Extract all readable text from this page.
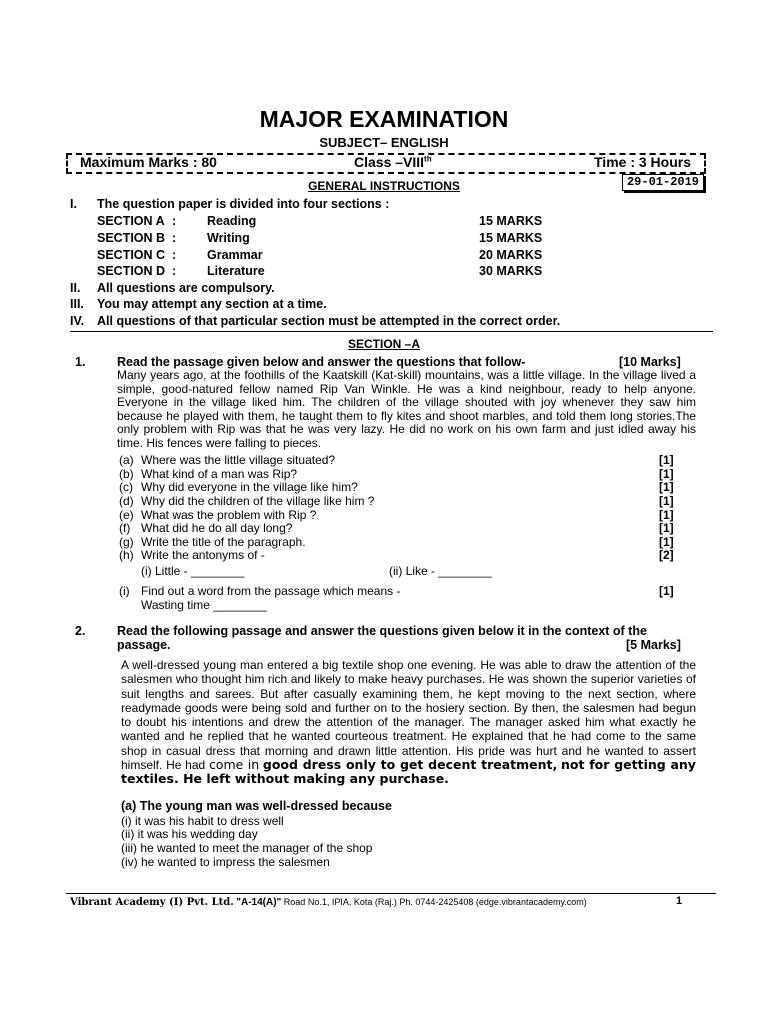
MAJOR EXAMINATION
SUBJECT– ENGLISH
Maximum Marks : 80	Class –VIIIth	Time : 3 Hours
29-01-2019
GENERAL INSTRUCTIONS
I. The question paper is divided into four sections :
SECTION A : Reading	15 MARKS
SECTION B : Writing	15 MARKS
SECTION C : Grammar	20 MARKS
SECTION D : Literature	30 MARKS
II. All questions are compulsory.
III. You may attempt any section at a time.
IV. All questions of that particular section must be attempted in the correct order.
SECTION –A
1.	Read the passage given below and answer the questions that follow-	[10 Marks]
Many years ago, at the foothills of the Kaatskill (Kat-skill) mountains, was a little village. In the village lived a simple, good-natured fellow named Rip Van Winkle. He was a kind neighbour, ready to help anyone. Everyone in the village liked him. The children of the village shouted with joy whenever they saw him because he played with them, he taught them to fly kites and shoot marbles, and told them long stories.The only problem with Rip was that he was very lazy. He did no work on his own farm and just idled away his time. His fences were falling to pieces.
(a) Where was the little village situated?	[1]
(b) What kind of a man was Rip?	[1]
(c) Why did everyone in the village like him?	[1]
(d) Why did the children of the village like him ?	[1]
(e) What was the problem with Rip ?	[1]
(f) What did he do all day long?	[1]
(g) Write the title of the paragraph.	[1]
(h) Write the antonyms of -	[2]
(i) Little - ________	(ii) Like - ________
(i) Find out a word from the passage which means -	[1]
Wasting time ________
2.	Read the following passage and answer the questions given below it in the context of the
passage.	[5 Marks]
A well-dressed young man entered a big textile shop one evening. He was able to draw the attention of the salesmen who thought him rich and likely to make heavy purchases. He was shown the superior varieties of suit lengths and sarees. But after casually examining them, he kept moving to the next section, where readymade goods were being sold and further on to the hosiery section. By then, the salesmen had begun to doubt his intentions and drew the attention of the manager. The manager asked him what exactly he wanted and he replied that he wanted courteous treatment. He explained that he had come to the same shop in casual dress that morning and drawn little attention. His pride was hurt and he wanted to assert himself. He had come in good dress only to get decent treatment, not for getting any textiles. He left without making any purchase.
(a) The young man was well-dressed because
(i) it was his habit to dress well
(ii) it was his wedding day
(iii) he wanted to meet the manager of the shop
(iv) he wanted to impress the salesmen
Vibrant Academy (I) Pvt. Ltd. "A-14(A)" Road No.1, IPIA, Kota (Raj.) Ph. 0744-2425408 (edge.vibrantacademy.com)	1
